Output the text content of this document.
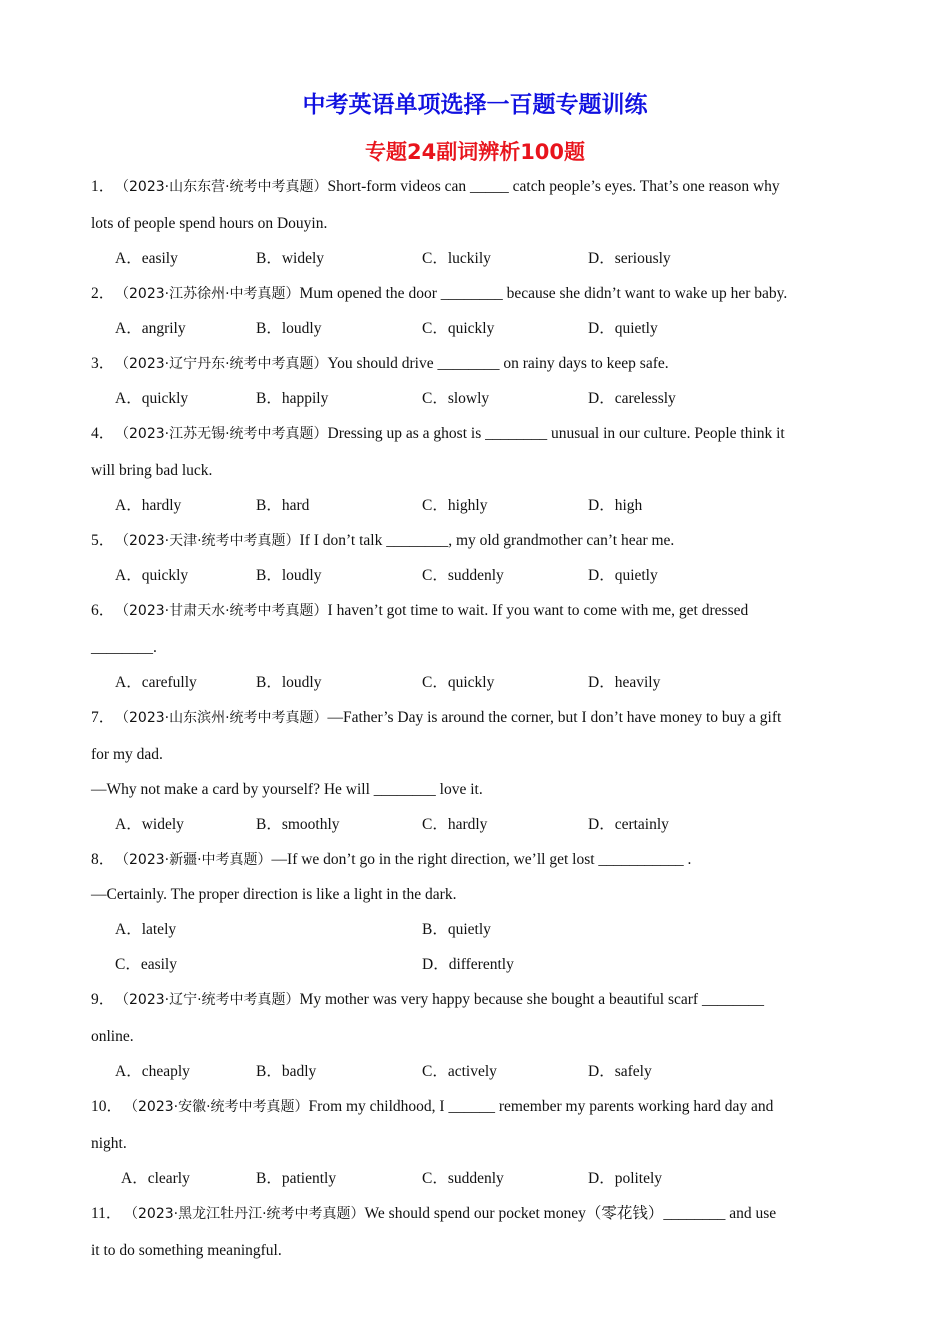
中考英语单项选择一百题专题训练
专题24副词辨析100题
1．（2023·山东东营·统考中考真题）Short-form videos can _____ catch people’s eyes. That’s one reason why
lots of people spend hours on Douyin.
A．easily	B．widely	C．luckily	D．seriously
2．（2023·江苏徐州·中考真题）Mum opened the door ________ because she didn’t want to wake up her baby.
A．angrily	B．loudly	C．quickly	D．quietly
3．（2023·辽宁丹东·统考中考真题）You should drive ________ on rainy days to keep safe.
A．quickly	B．happily	C．slowly	D．carelessly
4．（2023·江苏无锡·统考中考真题）Dressing up as a ghost is ________ unusual in our culture. People think it
will bring bad luck.
A．hardly	B．hard	C．highly	D．high
5．（2023·天津·统考中考真题）If I don’t talk ________, my old grandmother can’t hear me.
A．quickly	B．loudly	C．suddenly	D．quietly
6．（2023·甘肃天水·统考中考真题）I haven’t got time to wait. If you want to come with me, get dressed
________.
A．carefully	B．loudly	C．quickly	D．heavily
7．（2023·山东滨州·统考中考真题）—Father’s Day is around the corner, but I don’t have money to buy a gift
for my dad.
—Why not make a card by yourself? He will ________ love it.
A．widely	B．smoothly	C．hardly	D．certainly
8．（2023·新疆·中考真题）—If we don’t go in the right direction, we’ll get lost ___________ .
—Certainly. The proper direction is like a light in the dark.
A．lately	B．quietly
C．easily	D．differently
9．（2023·辽宁·统考中考真题）My mother was very happy because she bought a beautiful scarf ________
online.
A．cheaply	B．badly	C．actively	D．safely
10． （2023·安徽·统考中考真题）From my childhood, I ______ remember my parents working hard day and
night.
A．clearly	B．patiently	C．suddenly	D．politely
11． （2023·黑龙江牡丹江·统考中考真题）We should spend our pocket money（零花钱）________ and use
it to do something meaningful.
